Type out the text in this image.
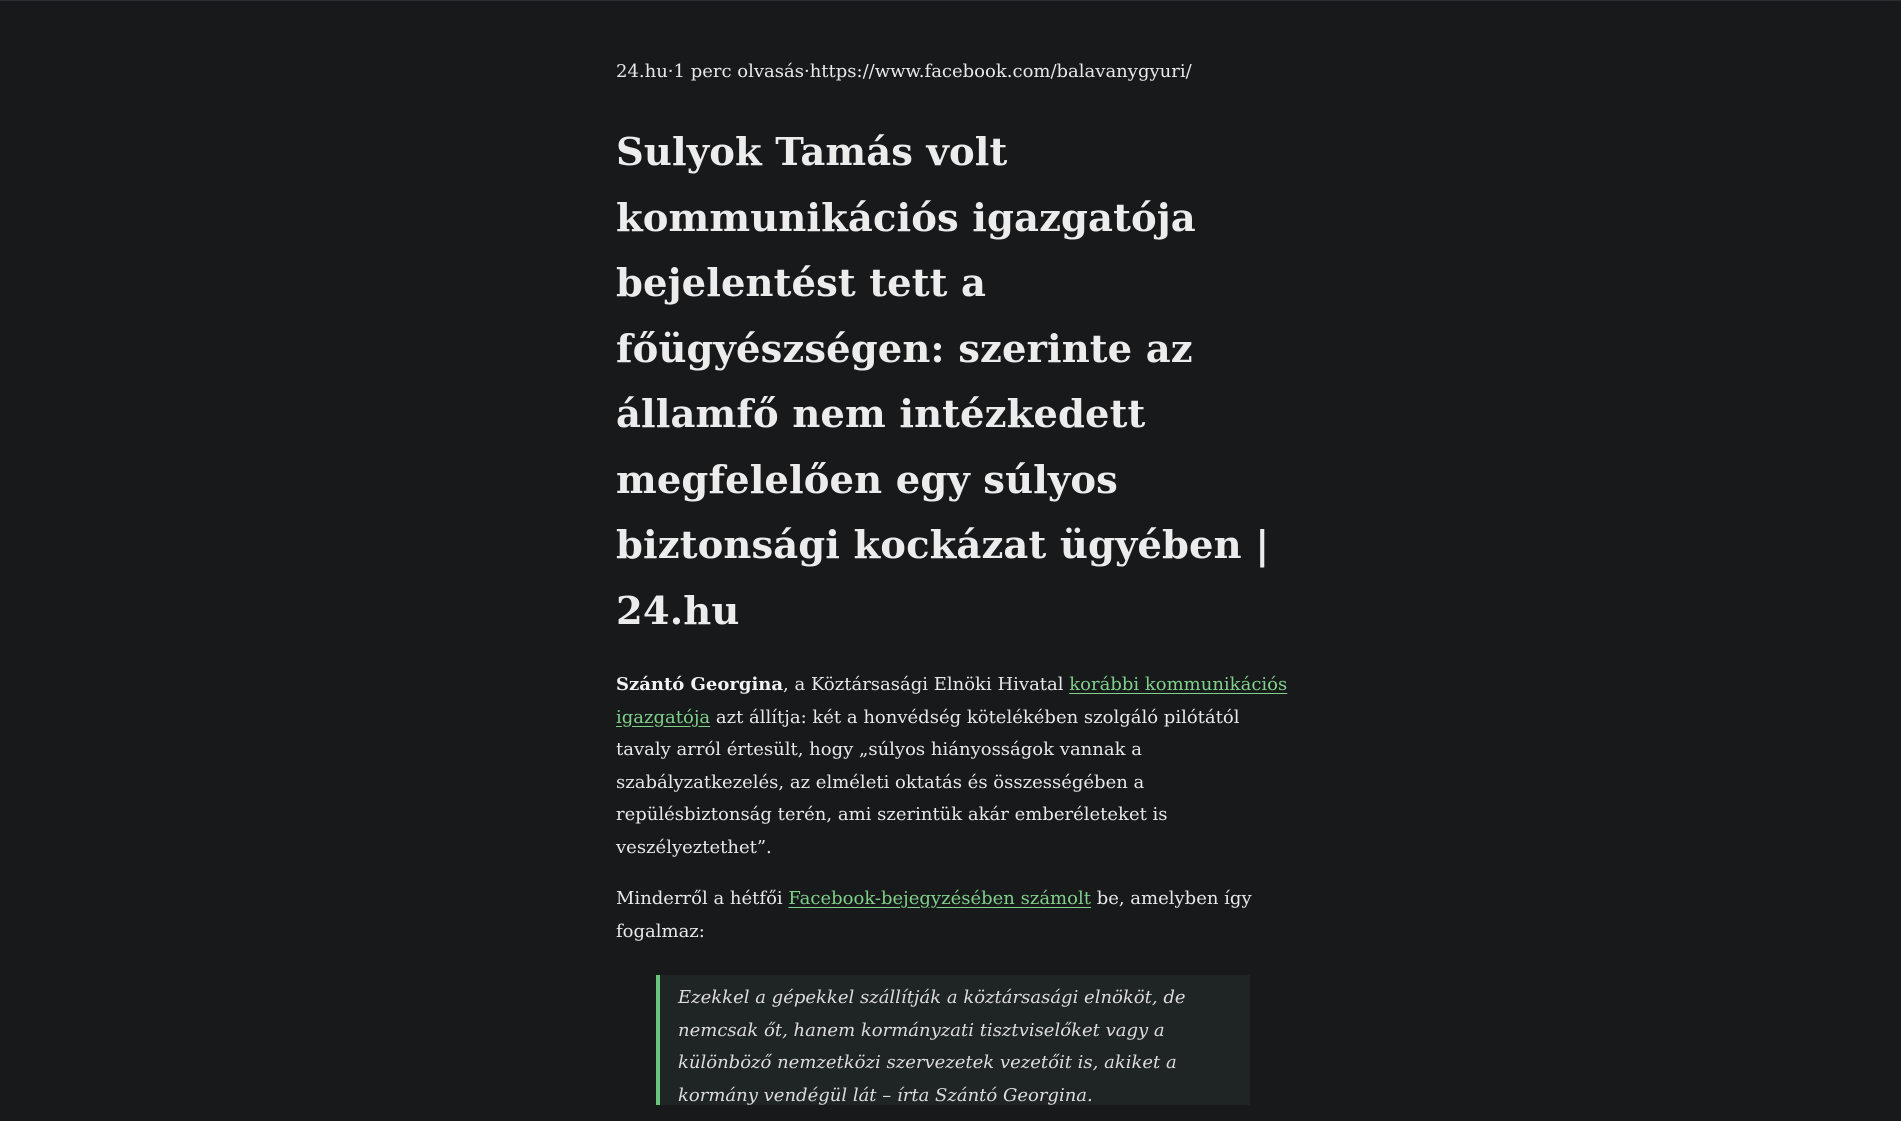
24.hu·1 perc olvasás·https://www.facebook.com/balavanygyuri/
Sulyok Tamás volt kommunikációs igazgatója bejelentést tett a főügyészségen: szerinte az államfő nem intézkedett megfelelően egy súlyos biztonsági kockázat ügyében | 24.hu

Szántó Georgina, a Köztársasági Elnöki Hivatal korábbi kommunikációs igazgatója azt állítja: két a honvédség kötelékében szolgáló pilótától tavaly arról értesült, hogy „súlyos hiányosságok vannak a szabályzatkezelés, az elméleti oktatás és összességében a repülésbiztonság terén, ami szerintük akár emberéleteket is veszélyeztethet”.

Minderről a hétfői Facebook-bejegyzésében számolt be, amelyben így fogalmaz:

Ezekkel a gépekkel szállítják a köztársasági elnököt, de nemcsak őt, hanem kormányzati tisztviselőket vagy a különböző nemzetközi szervezetek vezetőit is, akiket a kormány vendégül lát – írta Szántó Georgina.
